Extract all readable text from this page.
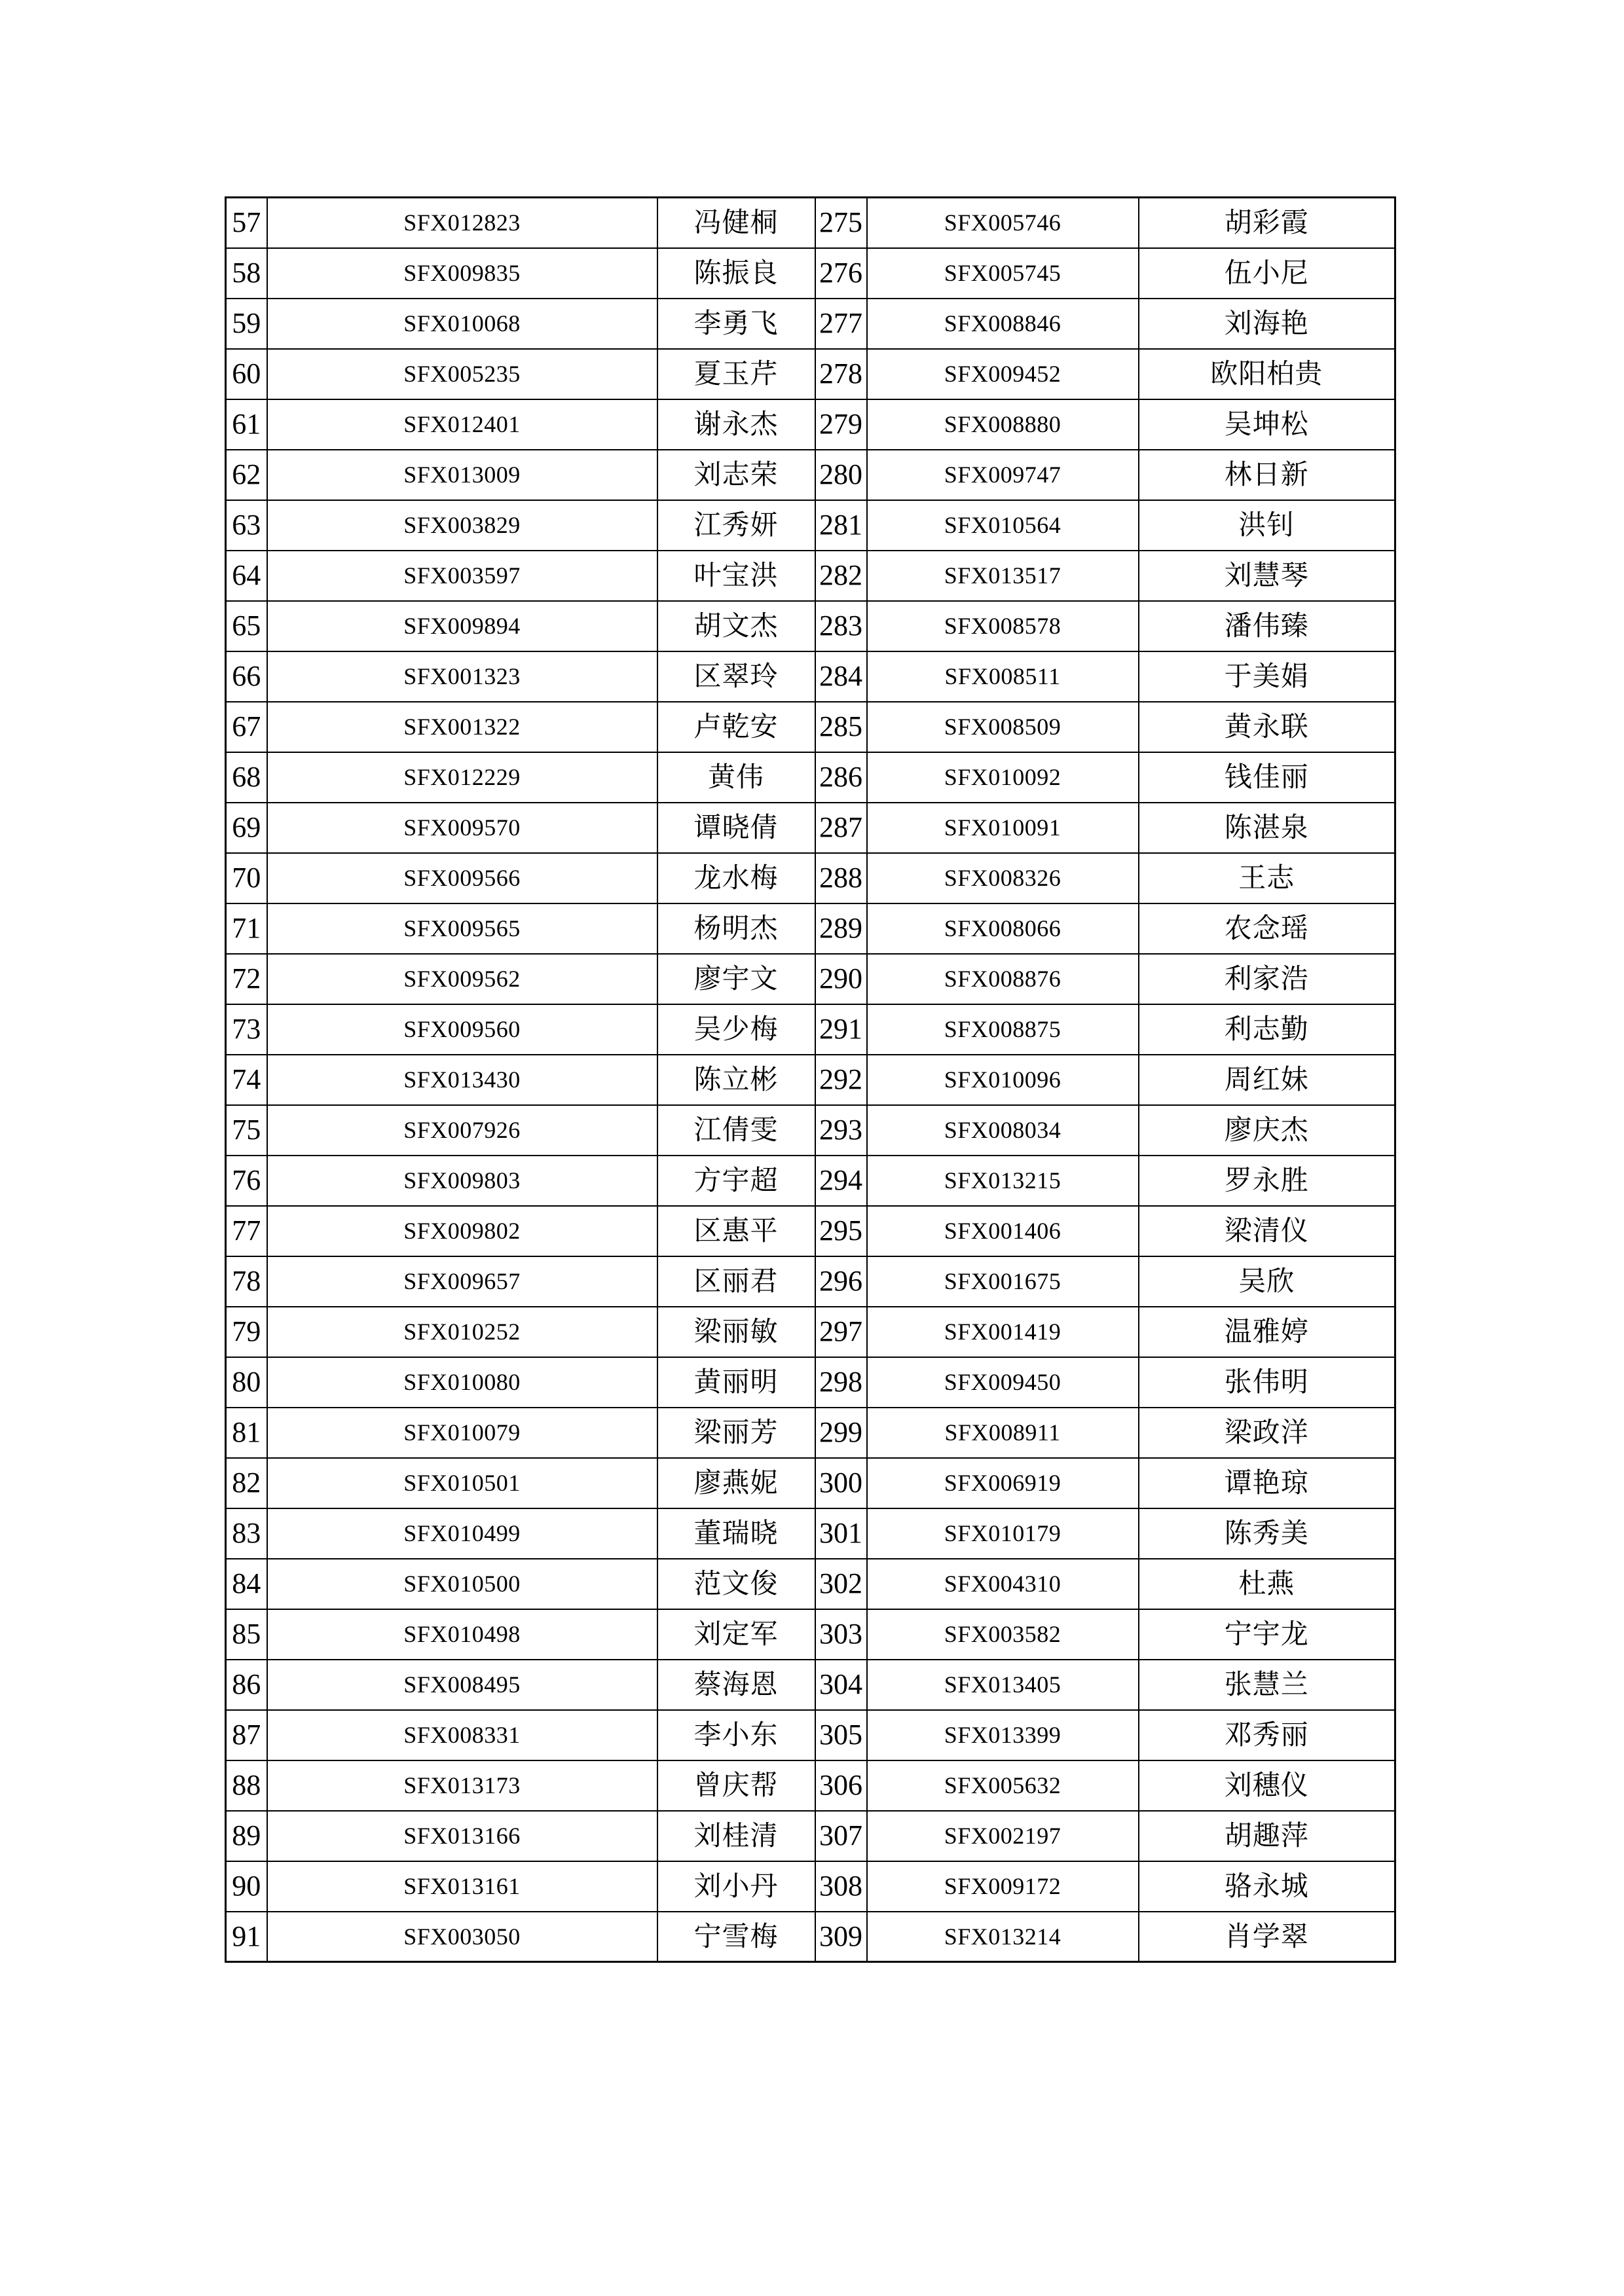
57	SFX012823	冯健桐	275	SFX005746	胡彩霞
58	SFX009835	陈振良	276	SFX005745	伍小尼
59	SFX010068	李勇飞	277	SFX008846	刘海艳
60	SFX005235	夏玉芹	278	SFX009452	欧阳柏贵
61	SFX012401	谢永杰	279	SFX008880	吴坤松
62	SFX013009	刘志荣	280	SFX009747	林日新
63	SFX003829	江秀妍	281	SFX010564	洪钊
64	SFX003597	叶宝洪	282	SFX013517	刘慧琴
65	SFX009894	胡文杰	283	SFX008578	潘伟臻
66	SFX001323	区翠玲	284	SFX008511	于美娟
67	SFX001322	卢乾安	285	SFX008509	黄永联
68	SFX012229	黄伟	286	SFX010092	钱佳丽
69	SFX009570	谭晓倩	287	SFX010091	陈湛泉
70	SFX009566	龙水梅	288	SFX008326	王志
71	SFX009565	杨明杰	289	SFX008066	农念瑶
72	SFX009562	廖宇文	290	SFX008876	利家浩
73	SFX009560	吴少梅	291	SFX008875	利志勤
74	SFX013430	陈立彬	292	SFX010096	周红妹
75	SFX007926	江倩雯	293	SFX008034	廖庆杰
76	SFX009803	方宇超	294	SFX013215	罗永胜
77	SFX009802	区惠平	295	SFX001406	梁清仪
78	SFX009657	区丽君	296	SFX001675	吴欣
79	SFX010252	梁丽敏	297	SFX001419	温雅婷
80	SFX010080	黄丽明	298	SFX009450	张伟明
81	SFX010079	梁丽芳	299	SFX008911	梁政洋
82	SFX010501	廖燕妮	300	SFX006919	谭艳琼
83	SFX010499	董瑞晓	301	SFX010179	陈秀美
84	SFX010500	范文俊	302	SFX004310	杜燕
85	SFX010498	刘定军	303	SFX003582	宁宇龙
86	SFX008495	蔡海恩	304	SFX013405	张慧兰
87	SFX008331	李小东	305	SFX013399	邓秀丽
88	SFX013173	曾庆帮	306	SFX005632	刘穗仪
89	SFX013166	刘桂清	307	SFX002197	胡趣萍
90	SFX013161	刘小丹	308	SFX009172	骆永城
91	SFX003050	宁雪梅	309	SFX013214	肖学翠
